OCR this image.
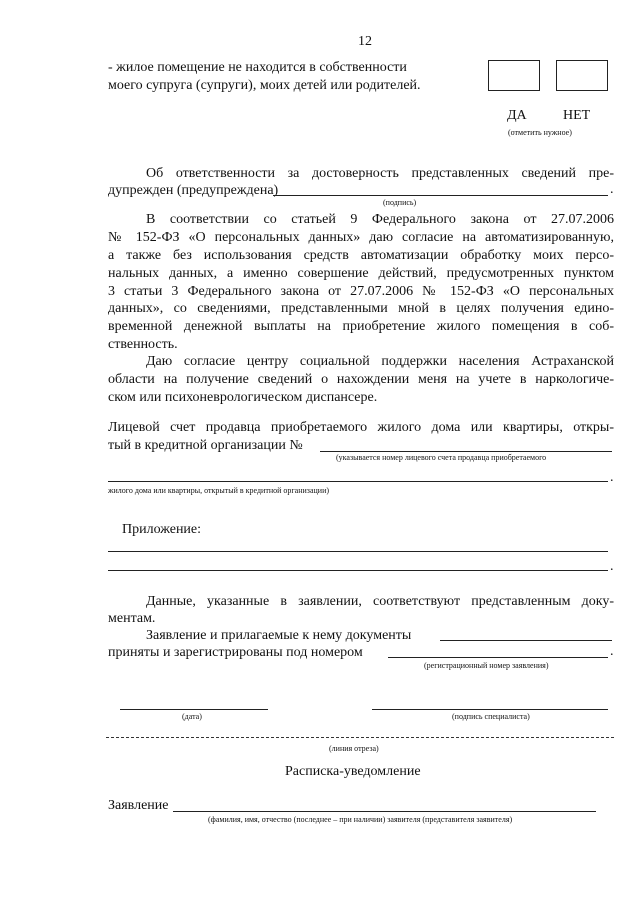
12
- жилое помещение не находится в собственности
моего супруга (супруги), моих детей или родителей.
ДА	НЕТ
(отметить нужное)
Об ответственности за достоверность представленных сведений пре-
дупрежден (предупреждена)	.
(подпись)
В соответствии со статьей 9 Федерального закона от 27.07.2006
№ 152-ФЗ «О персональных данных» даю согласие на автоматизированную,
а также без использования средств автоматизации обработку моих персо-
нальных данных, а именно совершение действий, предусмотренных пунктом
3 статьи 3 Федерального закона от 27.07.2006 № 152-ФЗ «О персональных
данных», со сведениями, представленными мной в целях получения едино-
временной денежной выплаты на приобретение жилого помещения в соб-
ственность.
Даю согласие центру социальной поддержки населения Астраханской
области на получение сведений о нахождении меня на учете в наркологиче-
ском или психоневрологическом диспансере.
Лицевой счет продавца приобретаемого жилого дома или квартиры, откры-
тый в кредитной организации №
(указывается номер лицевого счета продавца приобретаемого
.
жилого дома или квартиры, открытый в кредитной организации)
Приложение:
.
Данные, указанные в заявлении, соответствуют представленным доку-
ментам.
Заявление и прилагаемые к нему документы
приняты и зарегистрированы под номером	.
(регистрационный номер заявления)
(дата)	(подпись специалиста)
(линия отреза)
Расписка-уведомление
Заявление
(фамилия, имя, отчество (последнее – при наличии) заявителя (представителя заявителя)
